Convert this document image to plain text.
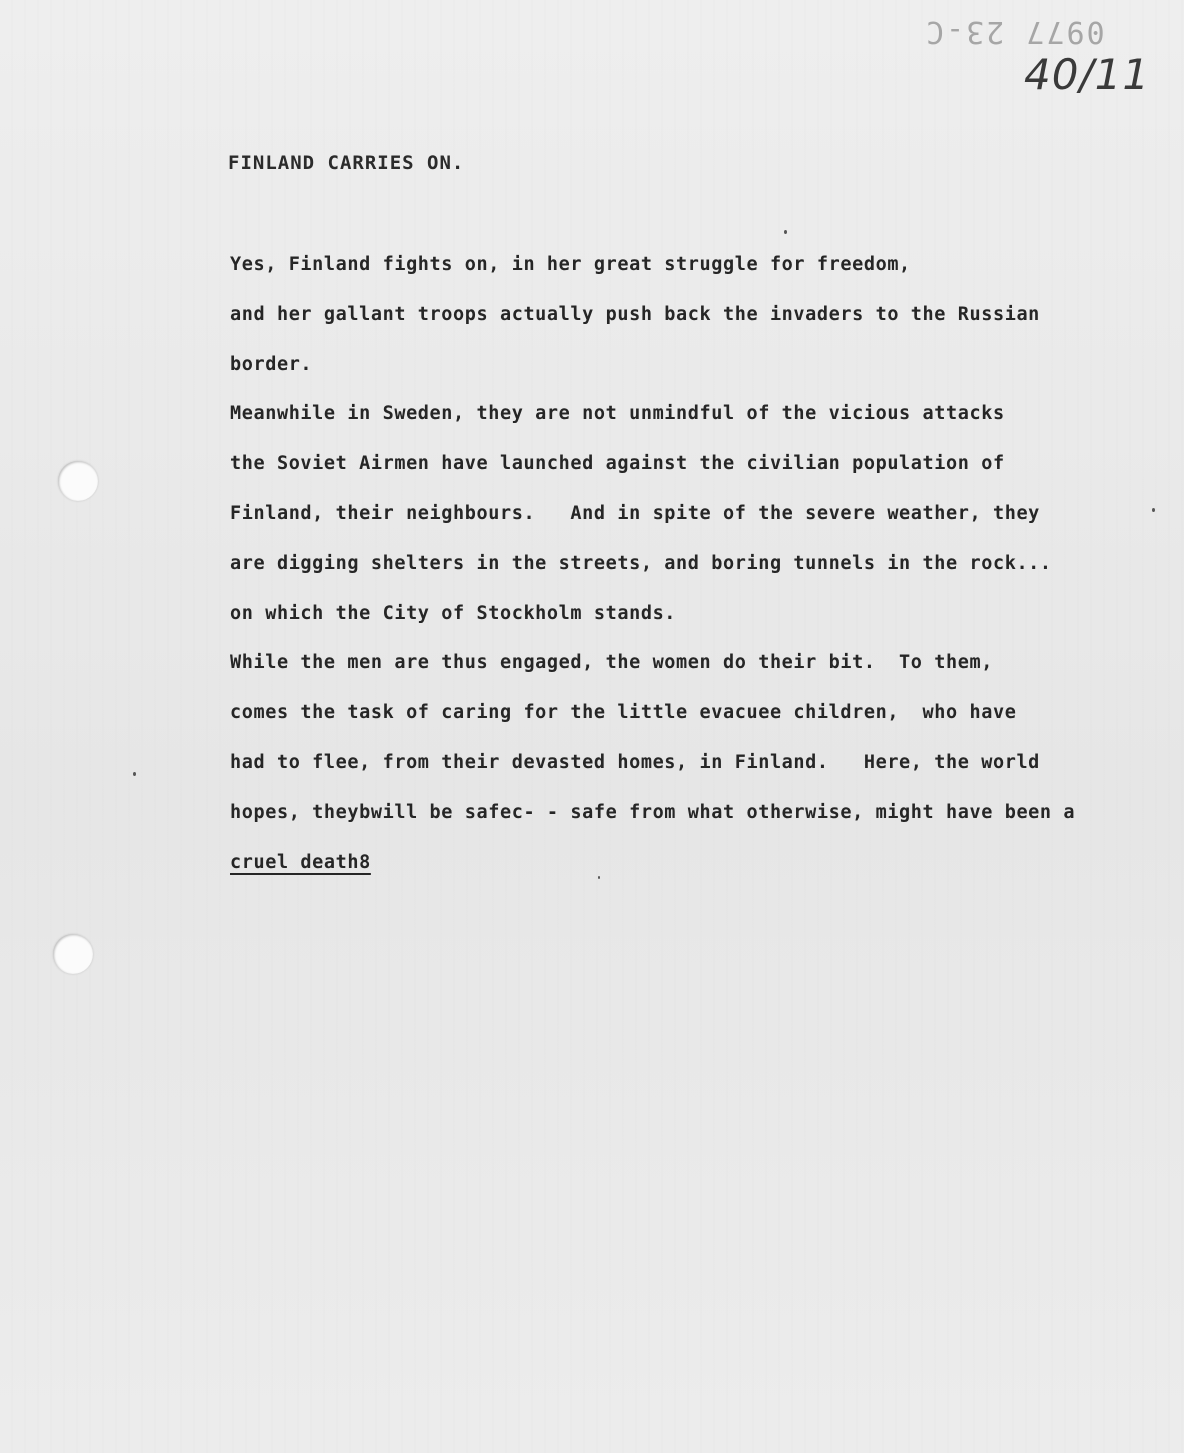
0977 23-C
40/11
FINLAND CARRIES ON.
Yes, Finland fights on, in her great struggle for freedom,
and her gallant troops actually push back the invaders to the Russian
border.
Meanwhile in Sweden, they are not unmindful of the vicious attacks
the Soviet Airmen have launched against the civilian population of
Finland, their neighbours.   And in spite of the severe weather, they
are digging shelters in the streets, and boring tunnels in the rock...
on which the City of Stockholm stands.
While the men are thus engaged, the women do their bit.  To them,
comes the task of caring for the little evacuee children,  who have
had to flee, from their devasted homes, in Finland.   Here, the world
hopes, theybwill be safec- - safe from what otherwise, might have been a
cruel death8
